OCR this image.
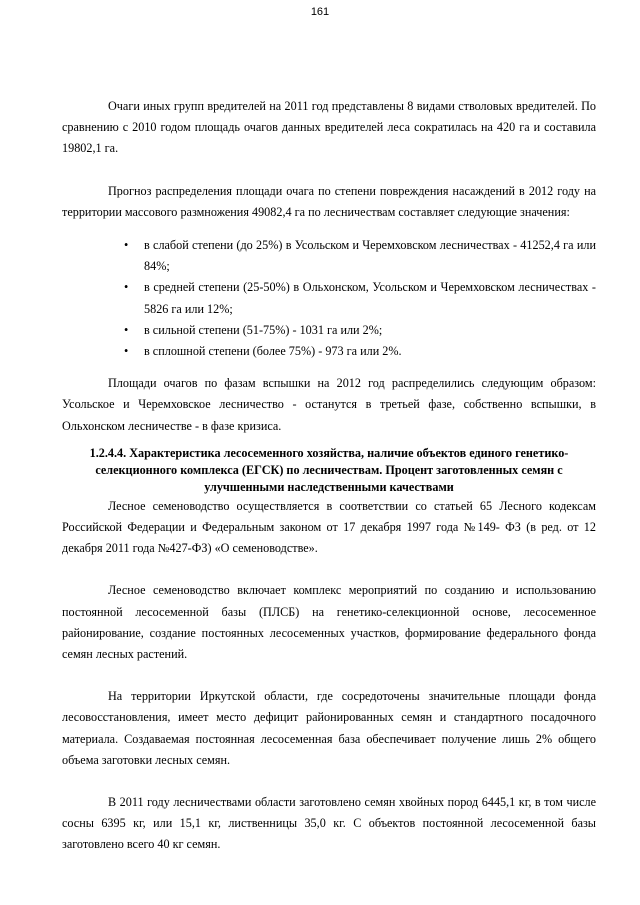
161

Очаги иных групп вредителей на 2011 год представлены 8 видами стволовых вредителей. По сравнению с 2010 годом площадь очагов данных вредителей леса сократилась на 420 га и составила 19802,1 га.

Прогноз распределения площади очага по степени повреждения насаждений в 2012 году на территории массового размножения 49082,4 га по лесничествам составляет следующие значения:

• в слабой степени (до 25%) в Усольском и Черемховском лесничествах - 41252,4 га или 84%;
• в средней степени (25-50%) в Ольхонском, Усольском и Черемховском лесничествах - 5826 га или 12%;
• в сильной степени (51-75%) - 1031 га или 2%;
• в сплошной степени (более 75%) - 973 га или 2%.

Площади очагов по фазам вспышки на 2012 год распределились следующим образом: Усольское и Черемховское лесничество - останутся в третьей фазе, собственно вспышки, в Ольхонском лесничестве - в фазе кризиса.

1.2.4.4. Характеристика лесосеменного хозяйства, наличие объектов единого генетико-селекционного комплекса (ЕГСК) по лесничествам. Процент заготовленных семян с улучшенными наследственными качествами

Лесное семеноводство осуществляется в соответствии со статьей 65 Лесного кодексам Российской Федерации и Федеральным законом от 17 декабря 1997 года №149- ФЗ (в ред. от 12 декабря 2011 года №427-ФЗ) «О семеноводстве».

Лесное семеноводство включает комплекс мероприятий по созданию и использованию постоянной лесосеменной базы (ПЛСБ) на генетико-селекционной основе, лесосеменное районирование, создание постоянных лесосеменных участков, формирование федерального фонда семян лесных растений.

На территории Иркутской области, где сосредоточены значительные площади фонда лесовосстановления, имеет место дефицит районированных семян и стандартного посадочного материала. Создаваемая постоянная лесосеменная база обеспечивает получение лишь 2% общего объема заготовки лесных семян.

В 2011 году лесничествами области заготовлено семян хвойных пород 6445,1 кг, в том числе сосны 6395 кг, или 15,1 кг, лиственницы 35,0 кг. С объектов постоянной лесосеменной базы заготовлено всего 40 кг семян.
